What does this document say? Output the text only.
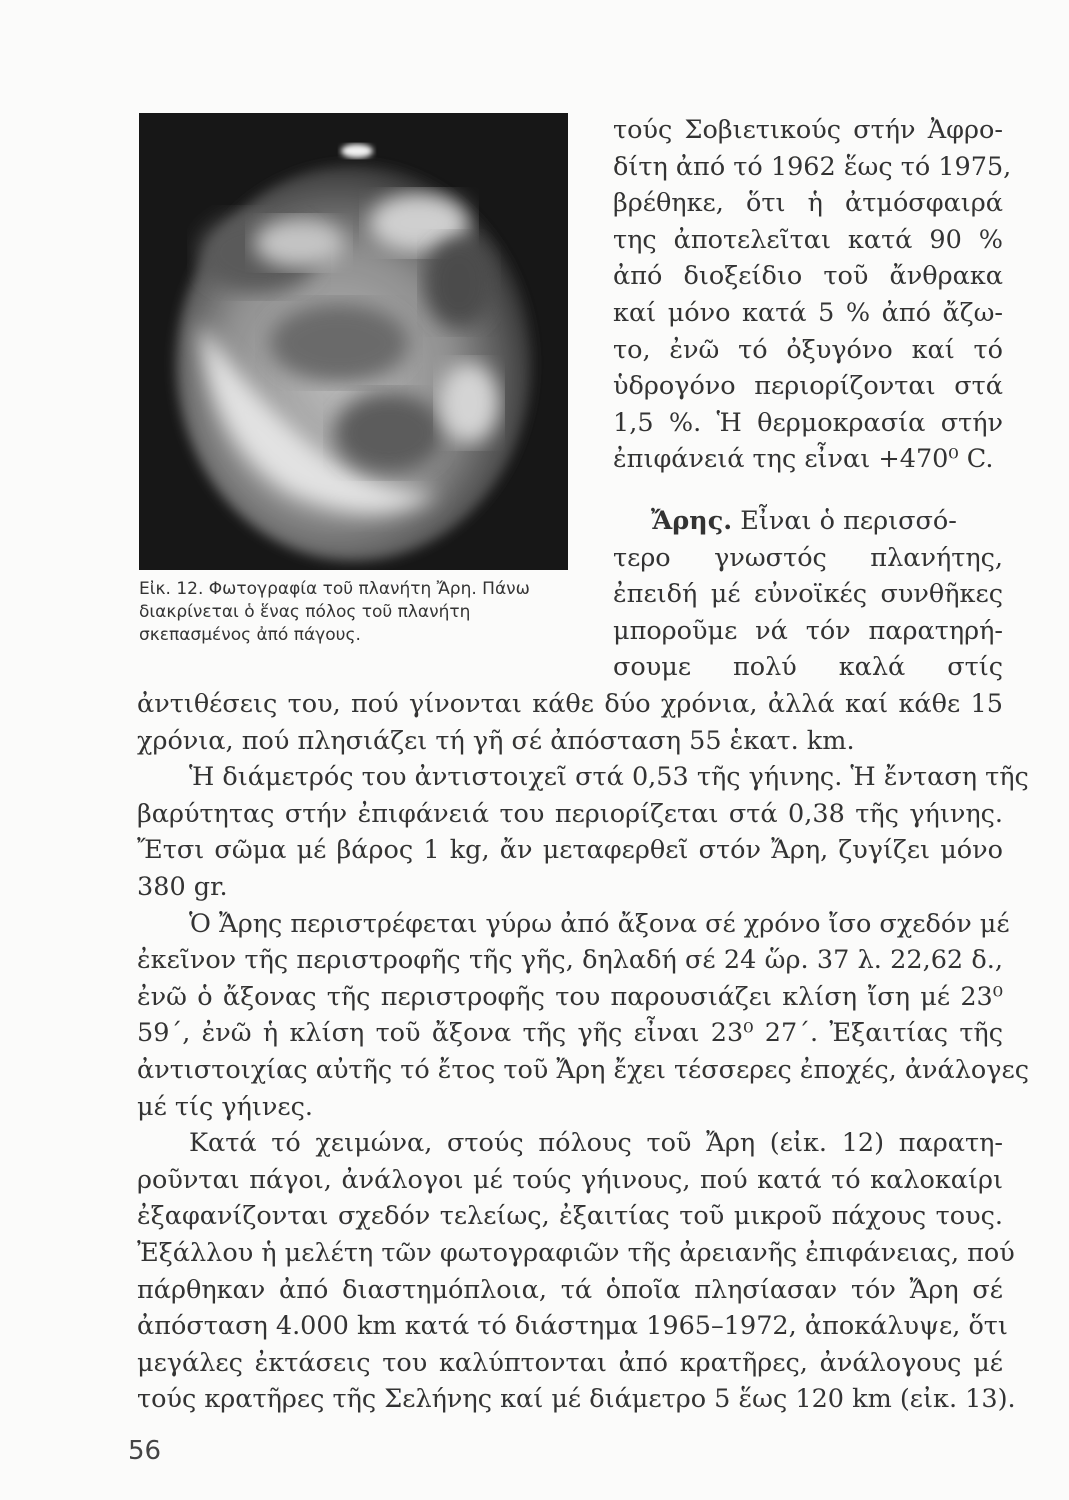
Εἰκ. 12. Φωτογραφία τοῦ πλανήτη Ἄρη. Πάνω διακρίνεται ὁ ἕνας πόλος τοῦ πλανήτη σκεπασμένος ἀπό πάγους.
τούς Σοβιετικούς στήν Ἀφρο-
δίτη ἀπό τό 1962 ἕως τό 1975,
βρέθηκε, ὅτι ἡ ἀτμόσφαιρά
της ἀποτελεῖται κατά 90 %
ἀπό διοξείδιο τοῦ ἄνθρακα
καί μόνο κατά 5 % ἀπό ἄζω-
το, ἐνῶ τό ὀξυγόνο καί τό
ὑδρογόνο περιορίζονται στά
1,5 %. Ἡ θερμοκρασία στήν
ἐπιφάνειά της εἶναι +470⁰ C.
Ἄρης. Εἶναι ὁ περισσό-
τερο γνωστός πλανήτης,
ἐπειδή μέ εὐνοϊκές συνθῆκες
μποροῦμε νά τόν παρατηρή-
σουμε πολύ καλά στίς
ἀντιθέσεις του, πού γίνονται κάθε δύο χρόνια, ἀλλά καί κάθε 15
χρόνια, πού πλησιάζει τή γῆ σέ ἀπόσταση 55 ἑκατ. km.
Ἡ διάμετρός του ἀντιστοιχεῖ στά 0,53 τῆς γήινης. Ἡ ἔνταση τῆς
βαρύτητας στήν ἐπιφάνειά του περιορίζεται στά 0,38 τῆς γήινης.
Ἔτσι σῶμα μέ βάρος 1 kg, ἄν μεταφερθεῖ στόν Ἄρη, ζυγίζει μόνο
380 gr.
Ὁ Ἄρης περιστρέφεται γύρω ἀπό ἄξονα σέ χρόνο ἴσο σχεδόν μέ
ἐκεῖνον τῆς περιστροφῆς τῆς γῆς, δηλαδή σέ 24 ὥρ. 37 λ. 22,62 δ.,
ἐνῶ ὁ ἄξονας τῆς περιστροφῆς του παρουσιάζει κλίση ἴση μέ 23⁰
59΄, ἐνῶ ἡ κλίση τοῦ ἄξονα τῆς γῆς εἶναι 23⁰ 27΄. Ἐξαιτίας τῆς
ἀντιστοιχίας αὐτῆς τό ἔτος τοῦ Ἄρη ἔχει τέσσερες ἐποχές, ἀνάλογες
μέ τίς γήινες.
Κατά τό χειμώνα, στούς πόλους τοῦ Ἄρη (εἰκ. 12) παρατη-
ροῦνται πάγοι, ἀνάλογοι μέ τούς γήινους, πού κατά τό καλοκαίρι
ἐξαφανίζονται σχεδόν τελείως, ἐξαιτίας τοῦ μικροῦ πάχους τους.
Ἐξάλλου ἡ μελέτη τῶν φωτογραφιῶν τῆς ἀρειανῆς ἐπιφάνειας, πού
πάρθηκαν ἀπό διαστημόπλοια, τά ὁποῖα πλησίασαν τόν Ἄρη σέ
ἀπόσταση 4.000 km κατά τό διάστημα 1965–1972, ἀποκάλυψε, ὅτι
μεγάλες ἐκτάσεις του καλύπτονται ἀπό κρατῆρες, ἀνάλογους μέ
τούς κρατῆρες τῆς Σελήνης καί μέ διάμετρο 5 ἕως 120 km (εἰκ. 13).
56
